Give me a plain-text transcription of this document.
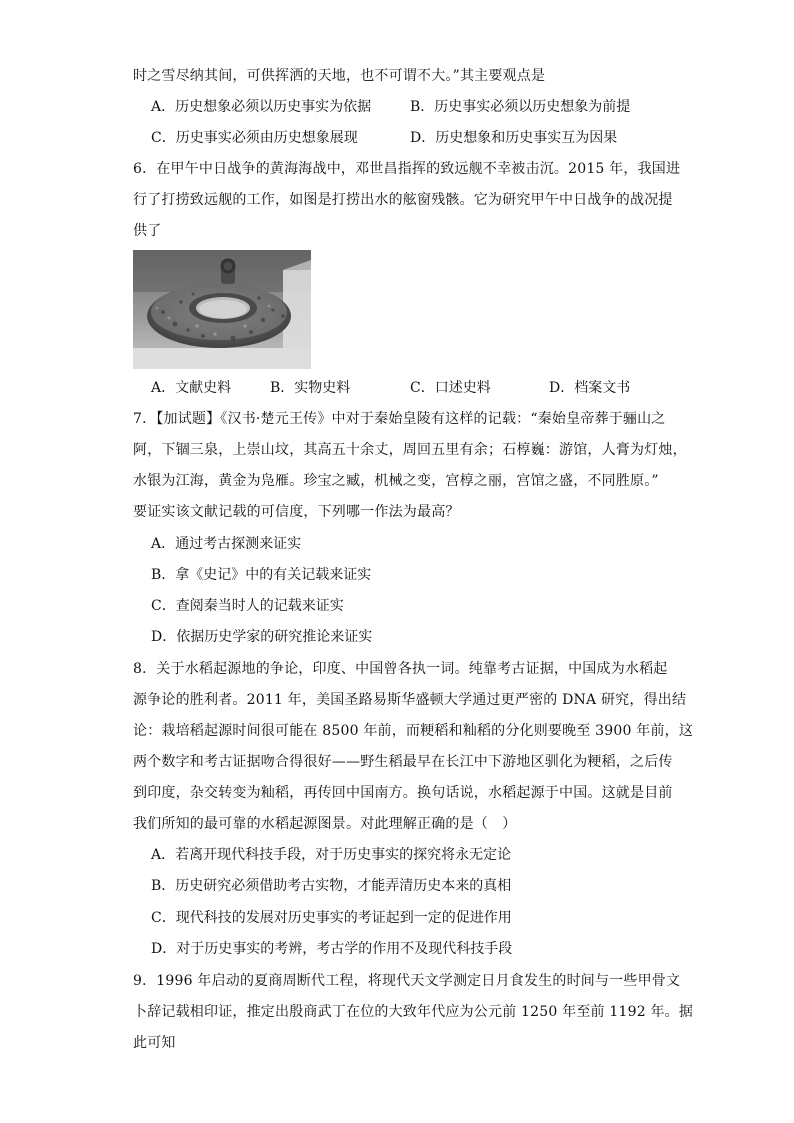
时之雪尽纳其间，可供挥洒的天地，也不可谓不大。”其主要观点是
A．历史想象必须以历史事实为依据	B．历史事实必须以历史想象为前提
C．历史事实必须由历史想象展现	D．历史想象和历史事实互为因果
6．在甲午中日战争的黄海海战中，邓世昌指挥的致远舰不幸被击沉。2015 年，我国进
行了打捞致远舰的工作，如图是打捞出水的舷窗残骸。它为研究甲午中日战争的战况提
供了
A．文献史料	B．实物史料	C．口述史料	D．档案文书
7．【加试题】《汉书·楚元王传》中对于秦始皇陵有这样的记载：“秦始皇帝葬于骊山之
阿，下锢三泉，上崇山坟，其高五十余丈，周回五里有余；石椁巍：游馆，人膏为灯烛，
水银为江海，黄金为凫雁。珍宝之臧，机械之变，宫椁之丽，宫馆之盛，不同胜原。”
要证实该文献记载的可信度，下列哪一作法为最高？
A．通过考古探测来证实
B．拿《史记》中的有关记载来证实
C．查阅秦当时人的记载来证实
D．依据历史学家的研究推论来证实
8．关于水稻起源地的争论，印度、中国曾各执一词。纯靠考古证据，中国成为水稻起
源争论的胜利者。2011 年，美国圣路易斯华盛顿大学通过更严密的 DNA 研究，得出结
论：栽培稻起源时间很可能在 8500 年前，而粳稻和籼稻的分化则要晚至 3900 年前，这
两个数字和考古证据吻合得很好——野生稻最早在长江中下游地区驯化为粳稻，之后传
到印度，杂交转变为籼稻，再传回中国南方。换句话说，水稻起源于中国。这就是目前
我们所知的最可靠的水稻起源图景。对此理解正确的是（　）
A．若离开现代科技手段，对于历史事实的探究将永无定论
B．历史研究必须借助考古实物，才能弄清历史本来的真相
C．现代科技的发展对历史事实的考证起到一定的促进作用
D．对于历史事实的考辨，考古学的作用不及现代科技手段
9．1996 年启动的夏商周断代工程，将现代天文学测定日月食发生的时间与一些甲骨文
卜辞记载相印证，推定出殷商武丁在位的大致年代应为公元前 1250 年至前 1192 年。据
此可知
